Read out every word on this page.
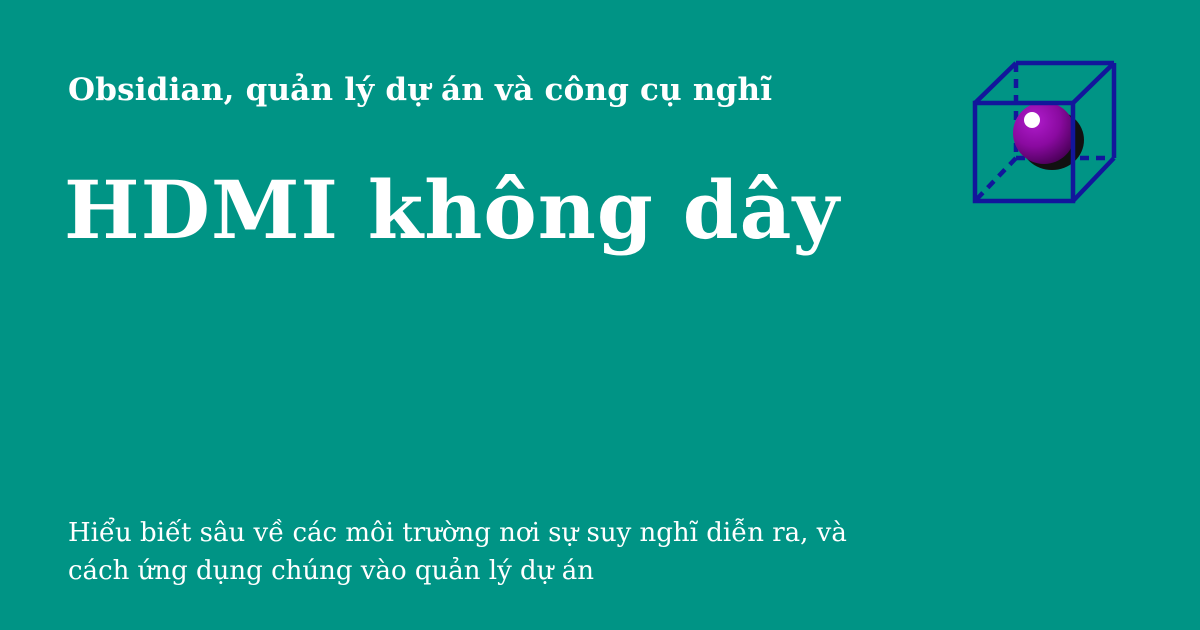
Obsidian, quản lý dự án và công cụ nghĩ
HDMI không dây
Hiểu biết sâu về các môi trường nơi sự suy nghĩ diễn ra, và
cách ứng dụng chúng vào quản lý dự án
